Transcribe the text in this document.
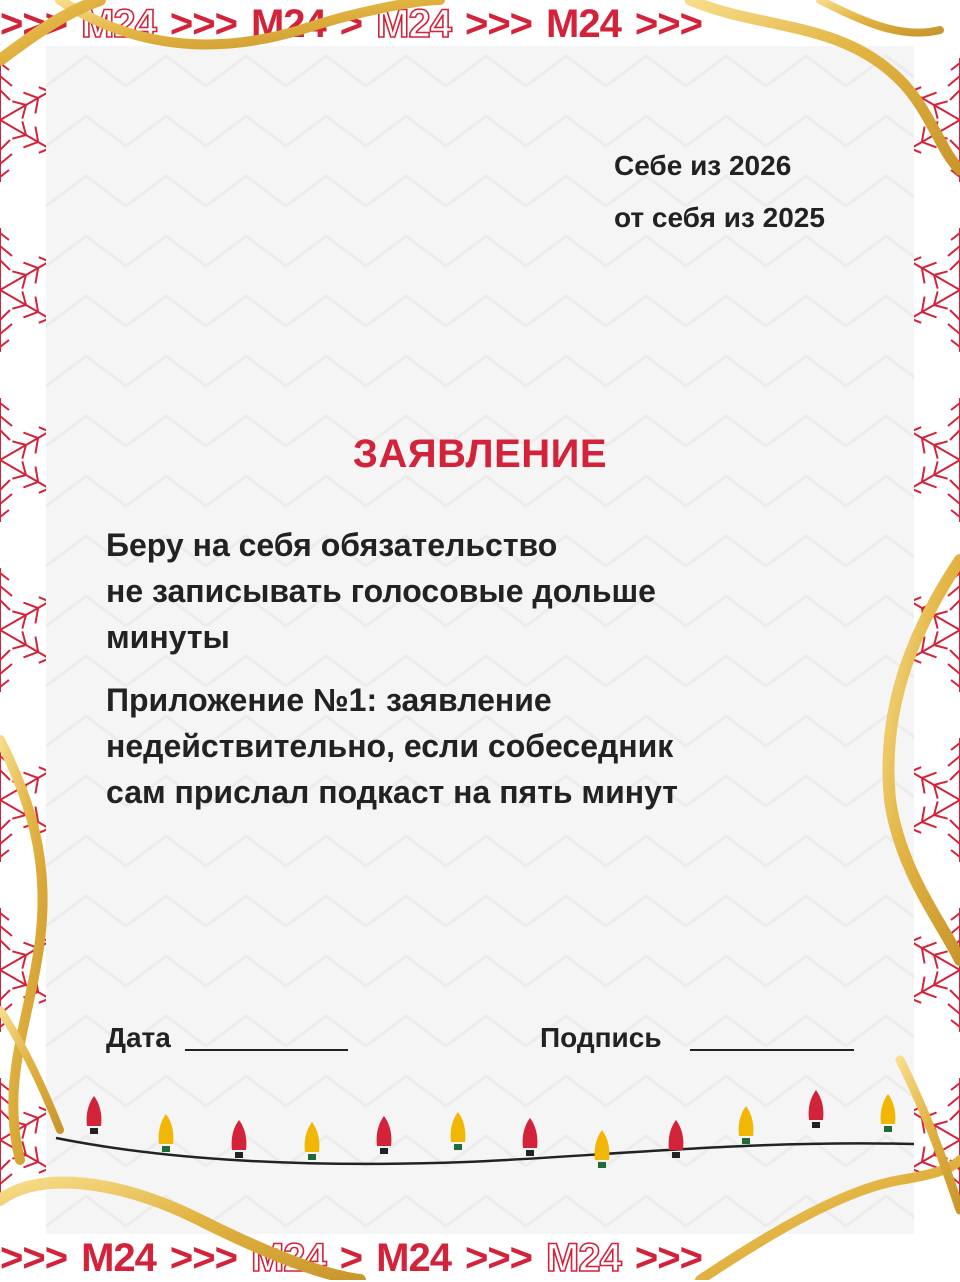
>>> M24 >>> M24 > M24 >>> M24 >>>
>>> M24 >>> M24 > M24 >>> M24 >>>
Себе из 2026
от себя из 2025
ЗАЯВЛЕНИЕ
Беру на себя обязательство
не записывать голосовые дольше
минуты
Приложение №1: заявление
недействительно, если собеседник
сам прислал подкаст на пять минут
Дата	Подпись
